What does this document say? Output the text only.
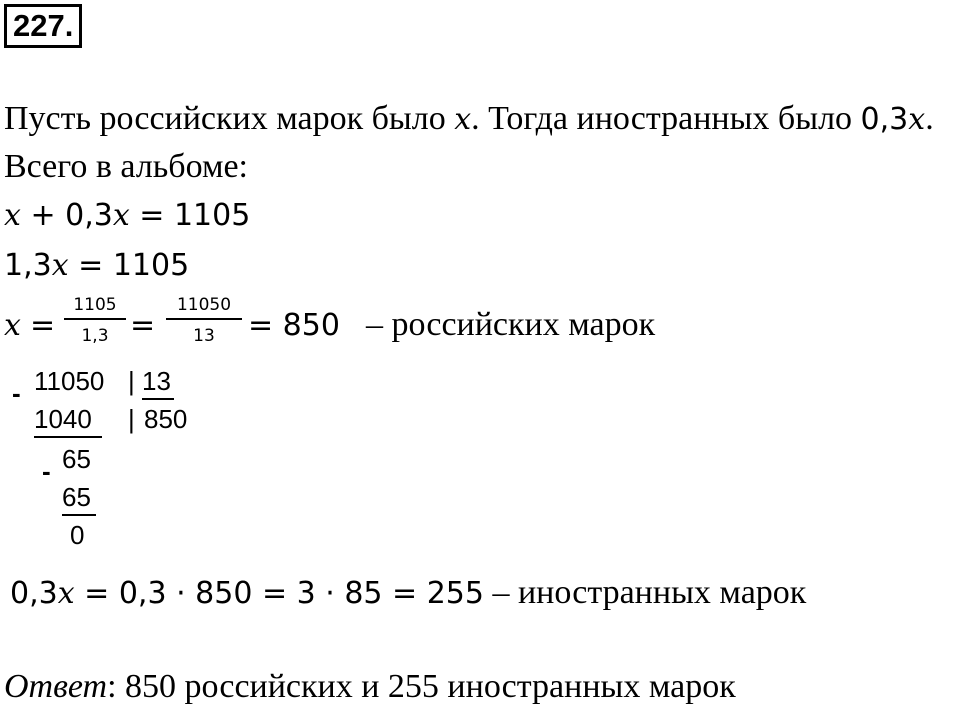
227.
Пусть российских марок было x. Тогда иностранных было 0,3x.
Всего в альбоме:
x + 0,3x = 1105
1,3x = 1105
$x = \frac{1105}{1,3} = \frac{11050}{13} = 850$ – российских марок
- 11050 | 13
1040 | 850
- 65
65
0
0,3x = 0,3 · 850 = 3 · 85 = 255 – иностранных марок
Ответ: 850 российских и 255 иностранных марок
